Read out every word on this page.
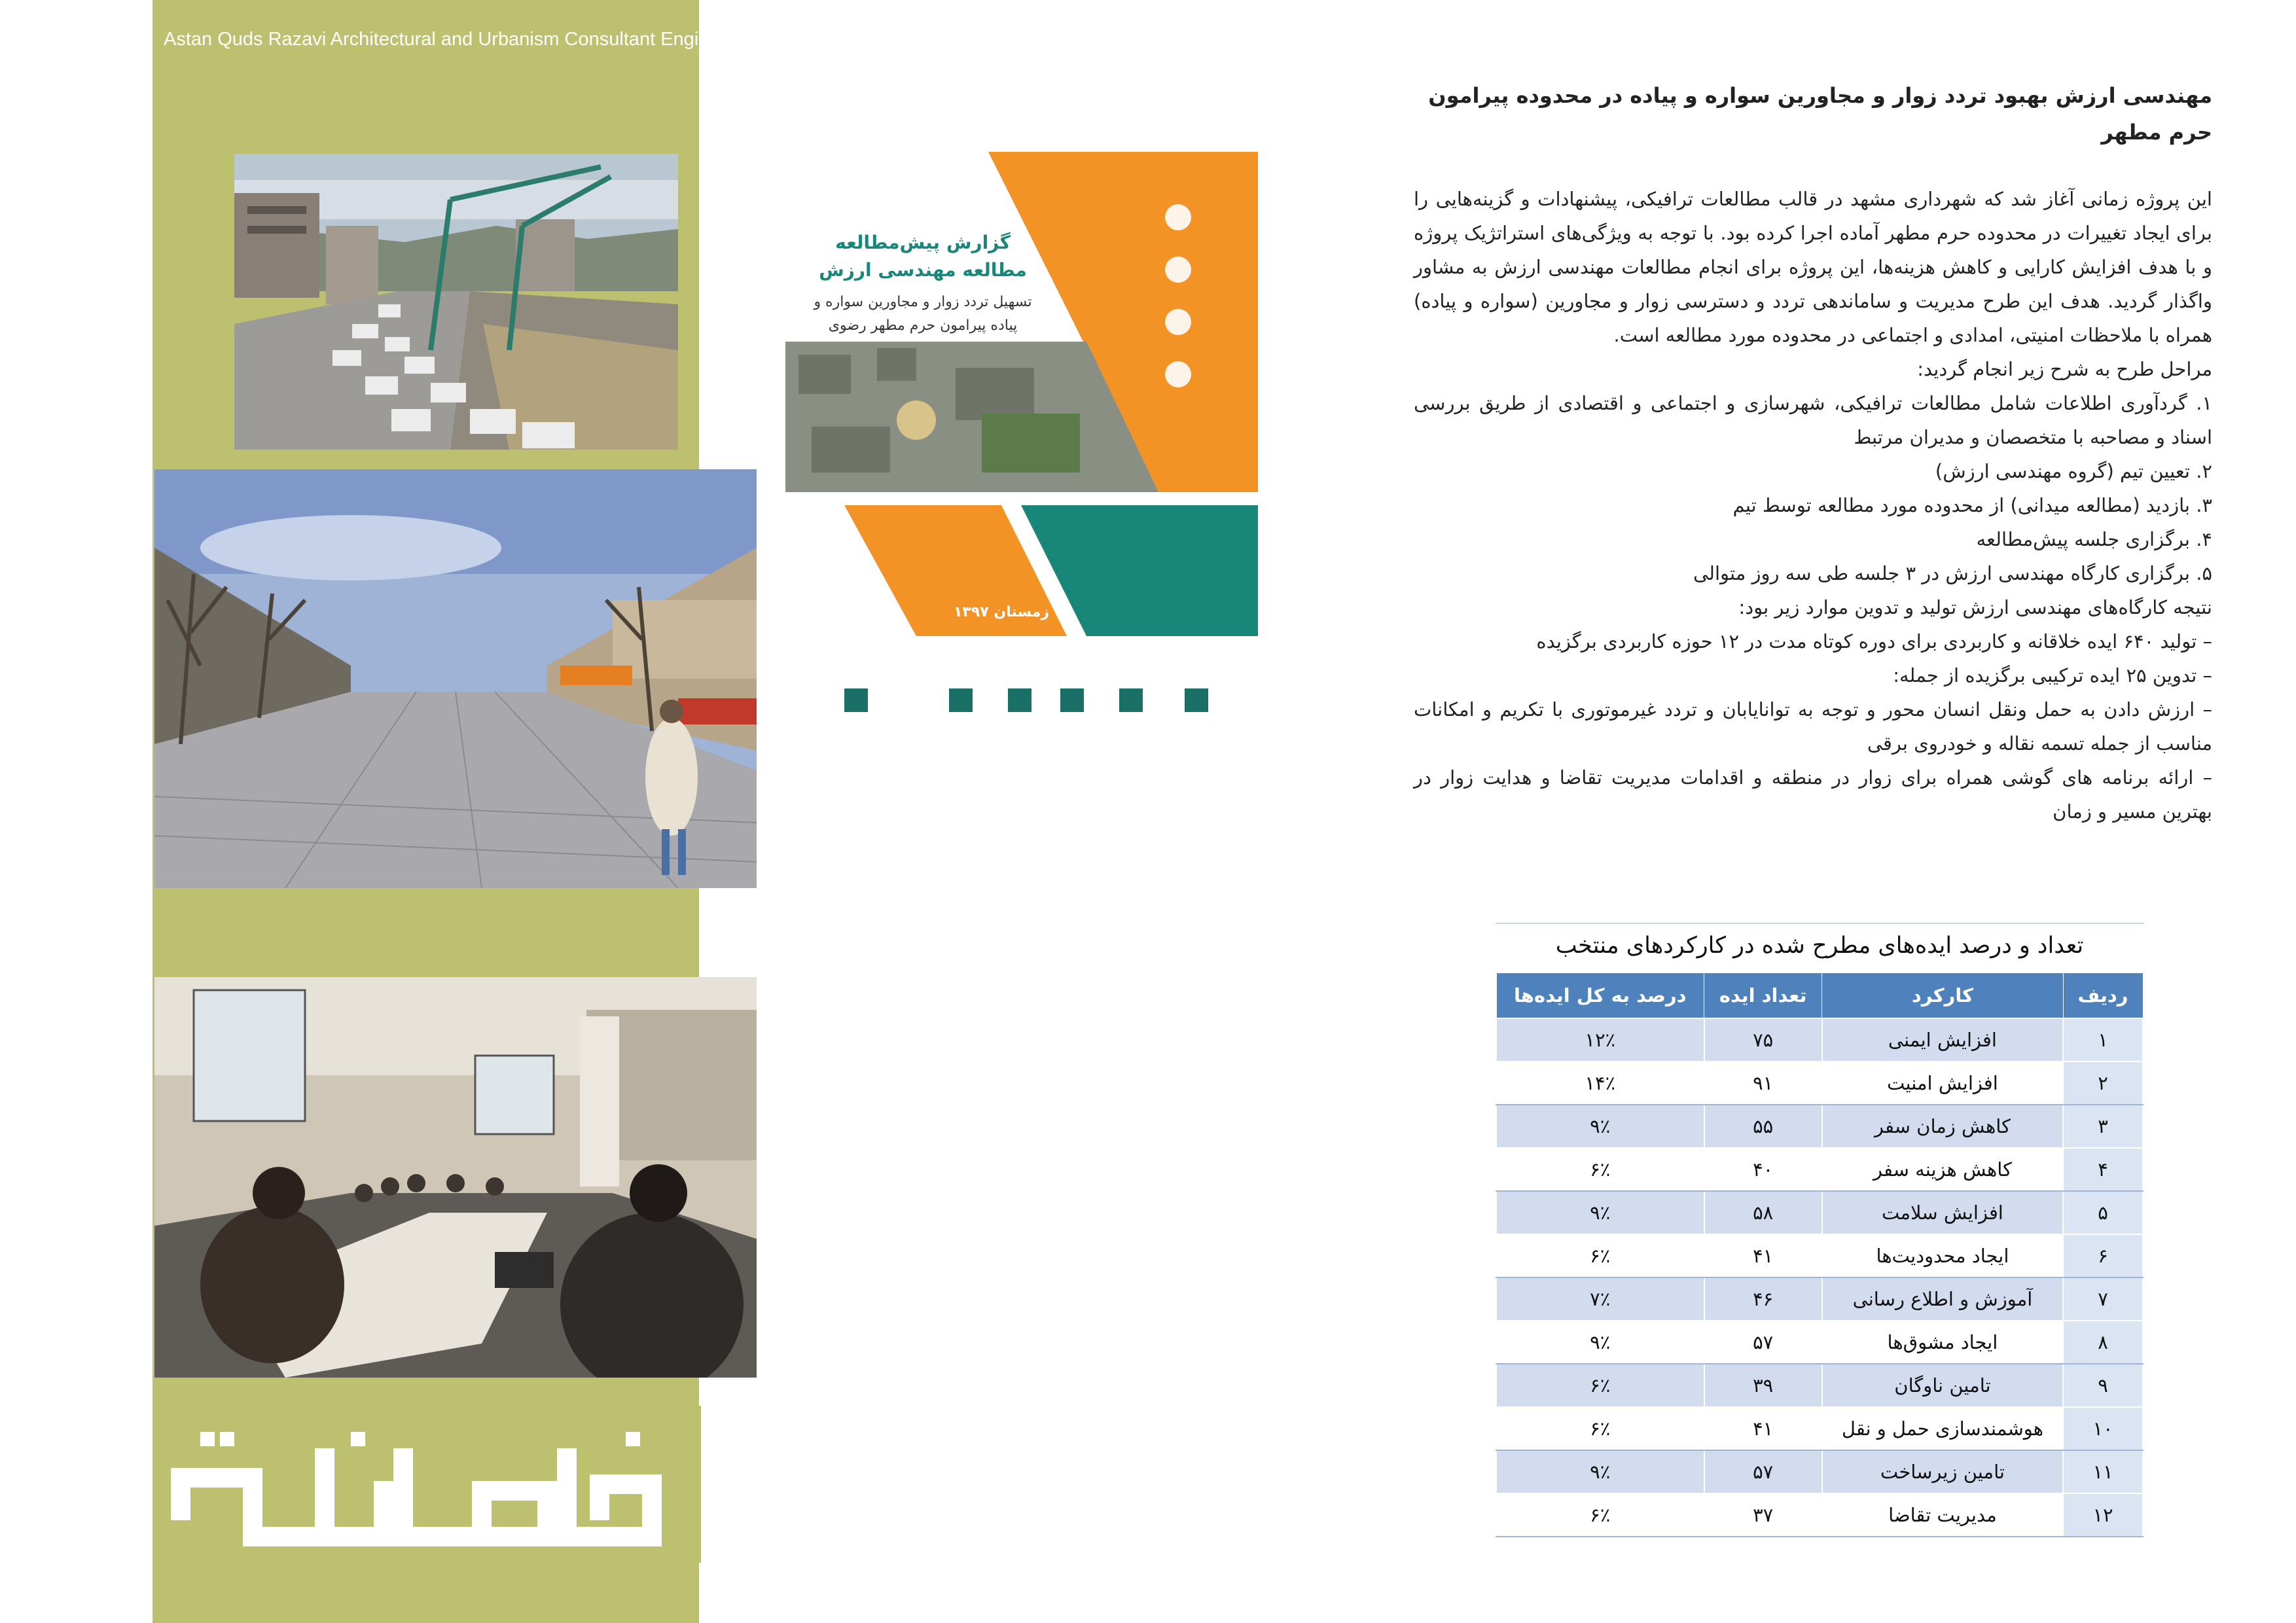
Astan Quds Razavi Architectural and Urbanism Consultant Engineers
گزارش پیش‌مطالعه
مطالعه مهندسی ارزش
تسهیل تردد زوار و مجاورین سواره و
پیاده پیرامون حرم مطهر رضوی
زمستان ۱۳۹۷
مهندسی ارزش بهبود تردد زوار و مجاورین سواره و پیاده در محدوده پیرامون حرم مطهر

این پروژه زمانی آغاز شد که شهرداری مشهد در قالب مطالعات ترافیکی، پیشنهادات و گزینه‌هایی را برای ایجاد تغییرات در محدوده حرم مطهر آماده اجرا کرده بود. با توجه به ویژگی‌های استراتژیک پروژه و با هدف افزایش کارایی و کاهش هزینه‌ها، این پروژه برای انجام مطالعات مهندسی ارزش به مشاور واگذار گردید. هدف این طرح مدیریت و ساماندهی تردد و دسترسی زوار و مجاورین (سواره و پیاده) همراه با ملاحظات امنیتی، امدادی و اجتماعی در محدوده مورد مطالعه است.

مراحل طرح به شرح زیر انجام گردید:
۱. گردآوری اطلاعات شامل مطالعات ترافیکی، شهرسازی و اجتماعی و اقتصادی از طریق بررسی اسناد و مصاحبه با متخصصان و مدیران مرتبط
۲. تعیین تیم (گروه مهندسی ارزش)
۳. بازدید (مطالعه میدانی) از محدوده مورد مطالعه توسط تیم
۴. برگزاری جلسه پیش‌مطالعه
۵. برگزاری کارگاه مهندسی ارزش در ۳ جلسه طی سه روز متوالی
نتیجه کارگاه‌های مهندسی ارزش تولید و تدوین موارد زیر بود:
– تولید ۶۴۰ ایده خلاقانه و کاربردی برای دوره کوتاه مدت در ۱۲ حوزه کاربردی برگزیده
– تدوین ۲۵ ایده ترکیبی برگزیده از جمله:
– ارزش دادن به حمل ونقل انسان محور و توجه به توانایابان و تردد غیرموتوری با تکریم و امکانات مناسب از جمله تسمه نقاله و خودروی برقی
– ارائه برنامه های گوشی همراه برای زوار در منطقه و اقدامات مدیریت تقاضا و هدایت زوار در بهترین مسیر و زمان
تعداد و درصد ایده‌های مطرح شده در کارکردهای منتخب
ردیف	کارکرد	تعداد ایده	درصد به کل ایده‌ها
۱	افزایش ایمنی	۷۵	۱۲٪
۲	افزایش امنیت	۹۱	۱۴٪
۳	کاهش زمان سفر	۵۵	۹٪
۴	کاهش هزینه سفر	۴۰	۶٪
۵	افزایش سلامت	۵۸	۹٪
۶	ایجاد محدودیت‌ها	۴۱	۶٪
۷	آموزش و اطلاع رسانی	۴۶	۷٪
۸	ایجاد مشوق‌ها	۵۷	۹٪
۹	تامین ناوگان	۳۹	۶٪
۱۰	هوشمندسازی حمل و نقل	۴۱	۶٪
۱۱	تامین زیرساخت	۵۷	۹٪
۱۲	مدیریت تقاضا	۳۷	۶٪
